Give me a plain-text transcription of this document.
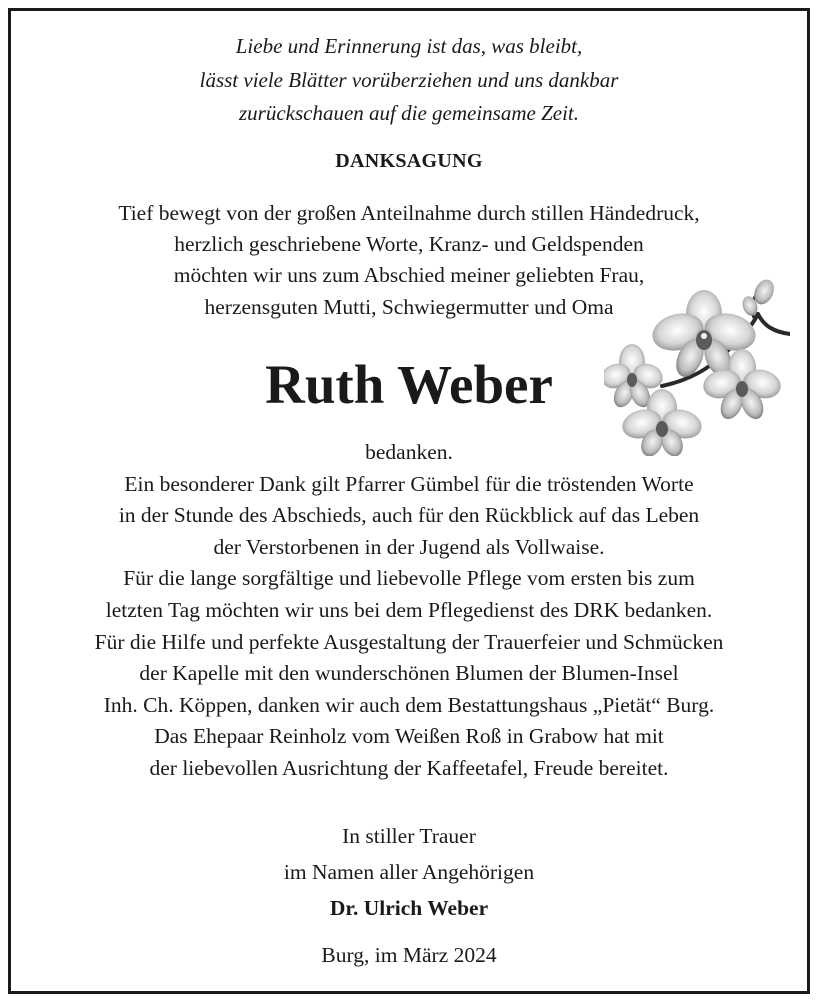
Liebe und Erinnerung ist das, was bleibt,
lässt viele Blätter vorüberziehen und uns dankbar
zurückschauen auf die gemeinsame Zeit.
DANKSAGUNG
Tief bewegt von der großen Anteilnahme durch stillen Händedruck,
herzlich geschriebene Worte, Kranz- und Geldspenden
möchten wir uns zum Abschied meiner geliebten Frau,
herzensguten Mutti, Schwiegermutter und Oma
Ruth Weber
bedanken.
Ein besonderer Dank gilt Pfarrer Gümbel für die tröstenden Worte
in der Stunde des Abschieds, auch für den Rückblick auf das Leben
der Verstorbenen in der Jugend als Vollwaise.
Für die lange sorgfältige und liebevolle Pflege vom ersten bis zum
letzten Tag möchten wir uns bei dem Pflegedienst des DRK bedanken.
Für die Hilfe und perfekte Ausgestaltung der Trauerfeier und Schmücken
der Kapelle mit den wunderschönen Blumen der Blumen-Insel
Inh. Ch. Köppen, danken wir auch dem Bestattungshaus „Pietät“ Burg.
Das Ehepaar Reinholz vom Weißen Roß in Grabow hat mit
der liebevollen Ausrichtung der Kaffeetafel, Freude bereitet.
In stiller Trauer
im Namen aller Angehörigen
Dr. Ulrich Weber
Burg, im März 2024
